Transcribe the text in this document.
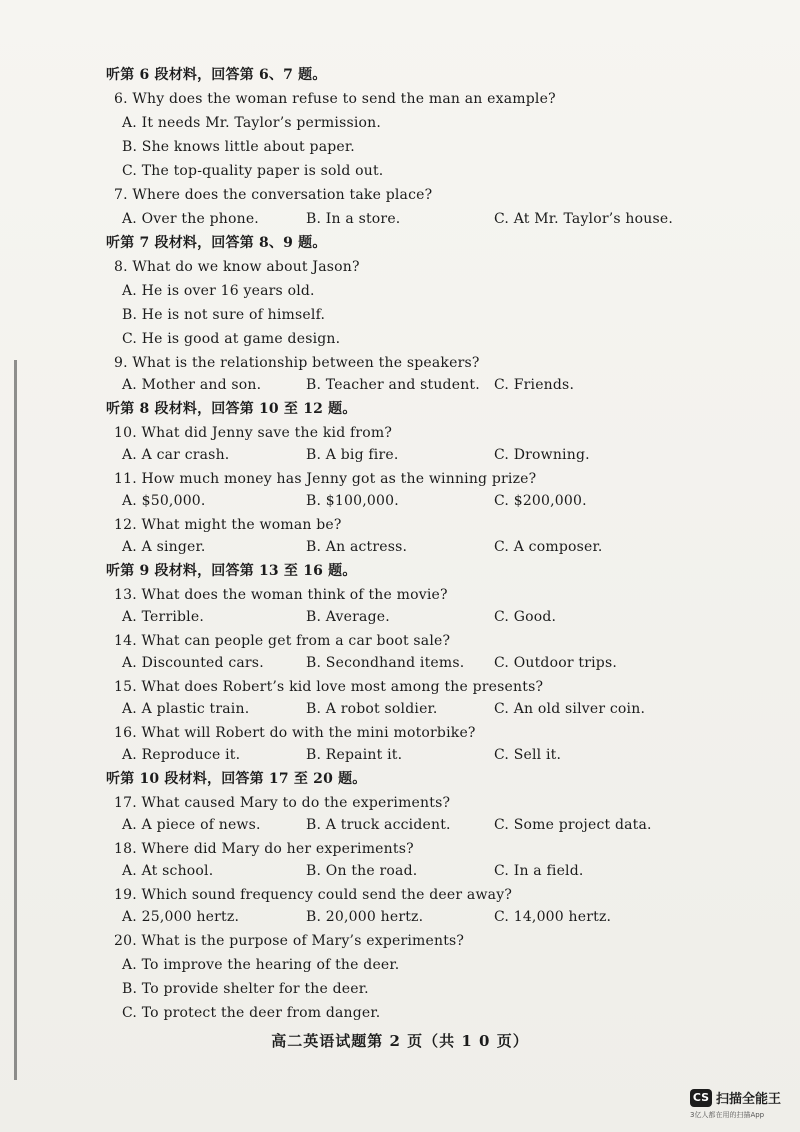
听第 6 段材料，回答第 6、7 题。
6. Why does the woman refuse to send the man an example?
A. It needs Mr. Taylor’s permission.
B. She knows little about paper.
C. The top-quality paper is sold out.
7. Where does the conversation take place?
A. Over the phone.	B. In a store.	C. At Mr. Taylor’s house.
听第 7 段材料，回答第 8、9 题。
8. What do we know about Jason?
A. He is over 16 years old.
B. He is not sure of himself.
C. He is good at game design.
9. What is the relationship between the speakers?
A. Mother and son.	B. Teacher and student. C. Friends.
听第 8 段材料，回答第 10 至 12 题。
10. What did Jenny save the kid from?
A. A car crash.	B. A big fire.	C. Drowning.
11. How much money has Jenny got as the winning prize?
A. $50,000.	B. $100,000.	C. $200,000.
12. What might the woman be?
A. A singer.	B. An actress.	C. A composer.
听第 9 段材料，回答第 13 至 16 题。
13. What does the woman think of the movie?
A. Terrible.	B. Average.	C. Good.
14. What can people get from a car boot sale?
A. Discounted cars.	B. Secondhand items. C. Outdoor trips.
15. What does Robert’s kid love most among the presents?
A. A plastic train.	B. A robot soldier.	C. An old silver coin.
16. What will Robert do with the mini motorbike?
A. Reproduce it.	B. Repaint it.	C. Sell it.
听第 10 段材料，回答第 17 至 20 题。
17. What caused Mary to do the experiments?
A. A piece of news.	B. A truck accident.	C. Some project data.
18. Where did Mary do her experiments?
A. At school.	B. On the road.	C. In a field.
19. Which sound frequency could send the deer away?
A. 25,000 hertz.	B. 20,000 hertz.	C. 14,000 hertz.
20. What is the purpose of Mary’s experiments?
A. To improve the hearing of the deer.
B. To provide shelter for the deer.
C. To protect the deer from danger.
高二英语试题第 2 页（共 1 0 页）
CS 扫描全能王
3亿人都在用的扫描App
